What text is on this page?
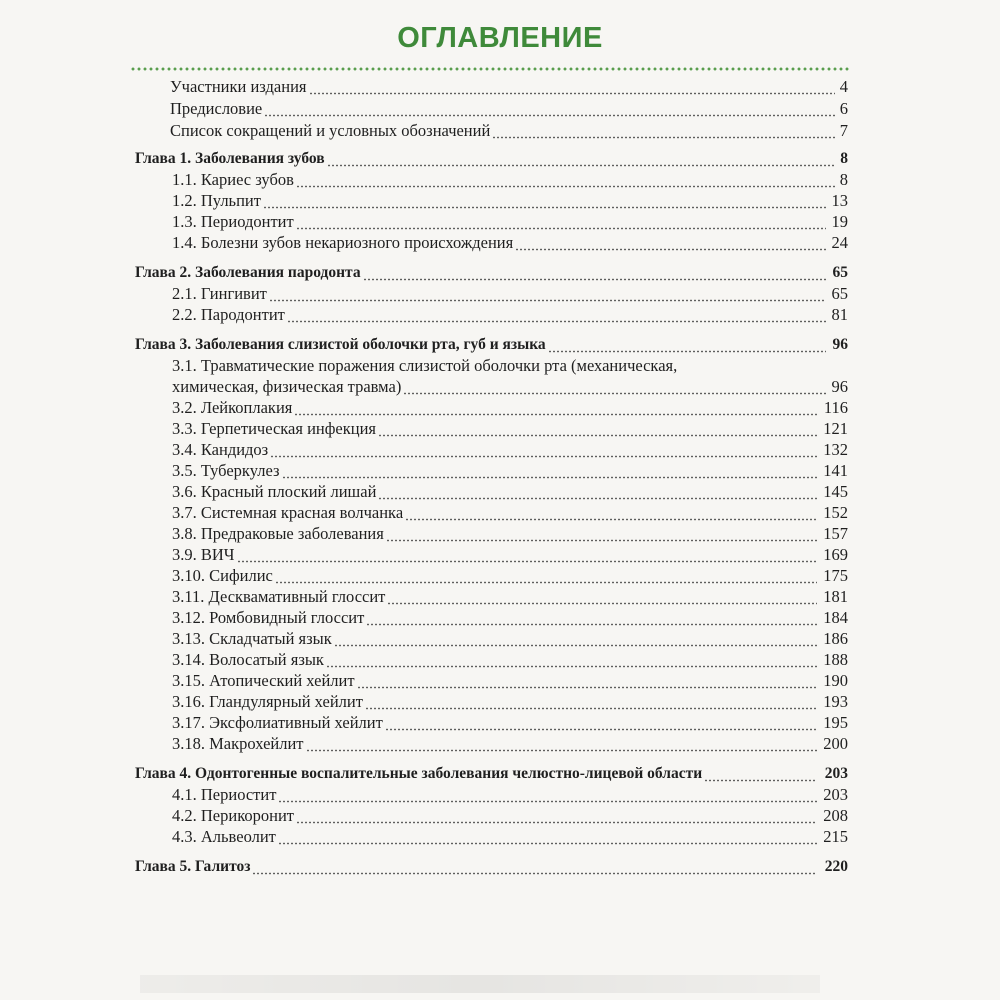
ОГЛАВЛЕНИЕ
Участники издания	4
Предисловие	6
Список сокращений и условных обозначений	7
Глава 1. Заболевания зубов	8
1.1. Кариес зубов	8
1.2. Пульпит	13
1.3. Периодонтит	19
1.4. Болезни зубов некариозного происхождения	24
Глава 2. Заболевания пародонта	65
2.1. Гингивит	65
2.2. Пародонтит	81
Глава 3. Заболевания слизистой оболочки рта, губ и языка	96
3.1. Травматические поражения слизистой оболочки рта (механическая,
химическая, физическая травма)	96
3.2. Лейкоплакия	116
3.3. Герпетическая инфекция	121
3.4. Кандидоз	132
3.5. Туберкулез	141
3.6. Красный плоский лишай	145
3.7. Системная красная волчанка	152
3.8. Предраковые заболевания	157
3.9. ВИЧ	169
3.10. Сифилис	175
3.11. Десквамативный глоссит	181
3.12. Ромбовидный глоссит	184
3.13. Складчатый язык	186
3.14. Волосатый язык	188
3.15. Атопический хейлит	190
3.16. Гландулярный хейлит	193
3.17. Эксфолиативный хейлит	195
3.18. Макрохейлит	200
Глава 4. Одонтогенные воспалительные заболевания челюстно-лицевой области	203
4.1. Периостит	203
4.2. Перикоронит	208
4.3. Альвеолит	215
Глава 5. Галитоз	220
